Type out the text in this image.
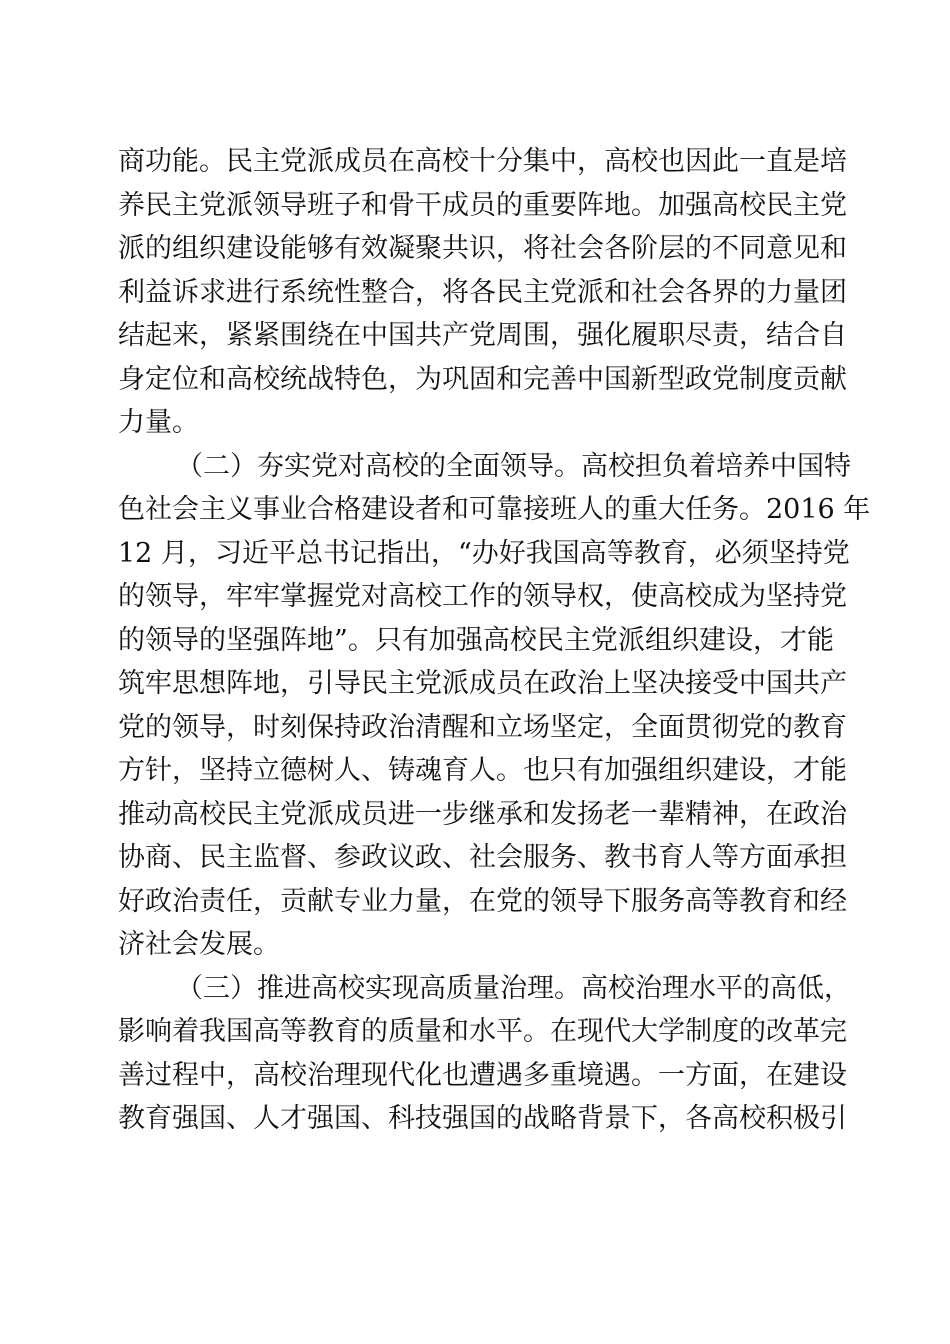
商功能。民主党派成员在高校十分集中，高校也因此一直是培
养民主党派领导班子和骨干成员的重要阵地。加强高校民主党
派的组织建设能够有效凝聚共识，将社会各阶层的不同意见和
利益诉求进行系统性整合，将各民主党派和社会各界的力量团
结起来，紧紧围绕在中国共产党周围，强化履职尽责，结合自
身定位和高校统战特色，为巩固和完善中国新型政党制度贡献
力量。
（二）夯实党对高校的全面领导。高校担负着培养中国特
色社会主义事业合格建设者和可靠接班人的重大任务。2016 年
12 月，习近平总书记指出，“办好我国高等教育，必须坚持党
的领导，牢牢掌握党对高校工作的领导权，使高校成为坚持党
的领导的坚强阵地”。只有加强高校民主党派组织建设，才能
筑牢思想阵地，引导民主党派成员在政治上坚决接受中国共产
党的领导，时刻保持政治清醒和立场坚定，全面贯彻党的教育
方针，坚持立德树人、铸魂育人。也只有加强组织建设，才能
推动高校民主党派成员进一步继承和发扬老一辈精神，在政治
协商、民主监督、参政议政、社会服务、教书育人等方面承担
好政治责任，贡献专业力量，在党的领导下服务高等教育和经
济社会发展。
（三）推进高校实现高质量治理。高校治理水平的高低，
影响着我国高等教育的质量和水平。在现代大学制度的改革完
善过程中，高校治理现代化也遭遇多重境遇。一方面，在建设
教育强国、人才强国、科技强国的战略背景下，各高校积极引
